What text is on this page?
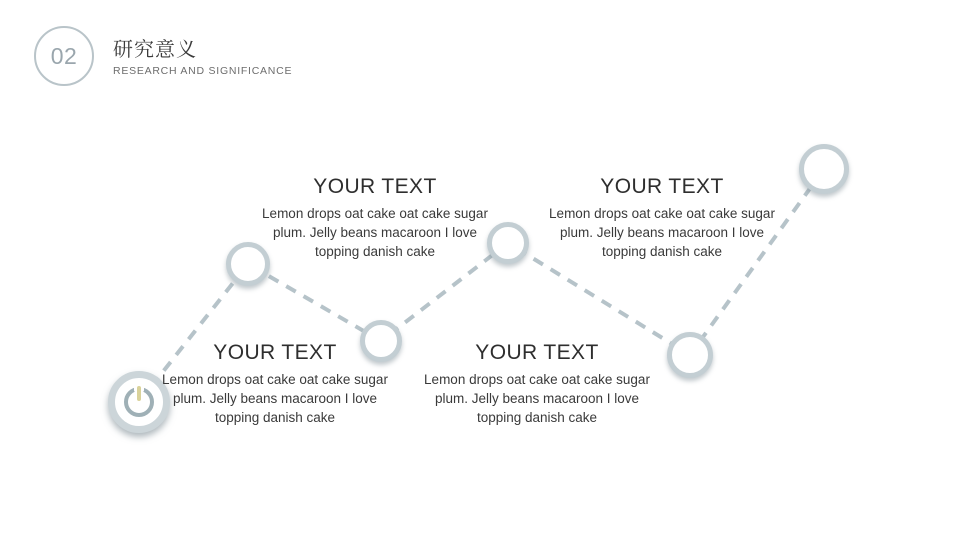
02 研究意义
RESEARCH AND SIGNIFICANCE
YOUR TEXT
Lemon drops oat cake oat cake sugar plum. Jelly beans macaroon I love topping danish cake
YOUR TEXT
Lemon drops oat cake oat cake sugar plum. Jelly beans macaroon I love topping danish cake
YOUR TEXT
Lemon drops oat cake oat cake sugar plum. Jelly beans macaroon I love topping danish cake
YOUR TEXT
Lemon drops oat cake oat cake sugar plum. Jelly beans macaroon I love topping danish cake
